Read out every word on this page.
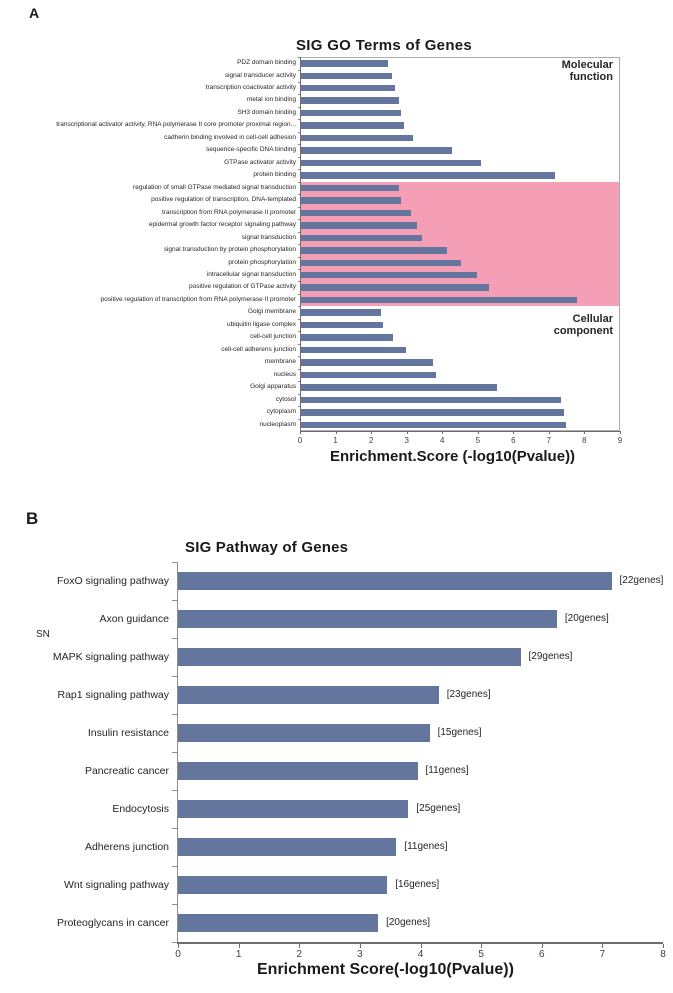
A
SIG GO Terms of Genes
Molecular function
Cellular component
Enrichment.Score (-log10(Pvalue))
B
SIG Pathway of Genes
SN
Enrichment Score(-log10(Pvalue))
PDZ domain binding
signal transducer activity
transcription coactivator activity
metal ion binding
SH3 domain binding
transcriptional activator activity, RNA polymerase II core promoter proximal region...
cadherin binding involved in cell-cell adhesion
sequence-specific DNA binding
GTPase activator activity
protein binding
regulation of small GTPase mediated signal transduction
positive regulation of transcription, DNA-templated
transcription from RNA polymerase II promoter
epidermal growth factor receptor signaling pathway
signal transduction
signal transduction by protein phosphorylation
protein phosphorylation
intracellular signal transduction
positive regulation of GTPase activity
positive regulation of transcription from RNA polymerase II promoter
Golgi membrane
ubiquitin ligase complex
cell-cell junction
cell-cell adherens junction
membrane
nucleus
Golgi apparatus
cytosol
cytoplasm
nucleoplasm
0	1	2	3	4	5	6	7	8	9
FoxO signaling pathway	[22genes]
Axon guidance	[20genes]
MAPK signaling pathway	[29genes]
Rap1 signaling pathway	[23genes]
Insulin resistance	[15genes]
Pancreatic cancer	[11genes]
Endocytosis	[25genes]
Adherens junction	[11genes]
Wnt signaling pathway	[16genes]
Proteoglycans in cancer	[20genes]
0	1	2	3	4	5	6	7	8
